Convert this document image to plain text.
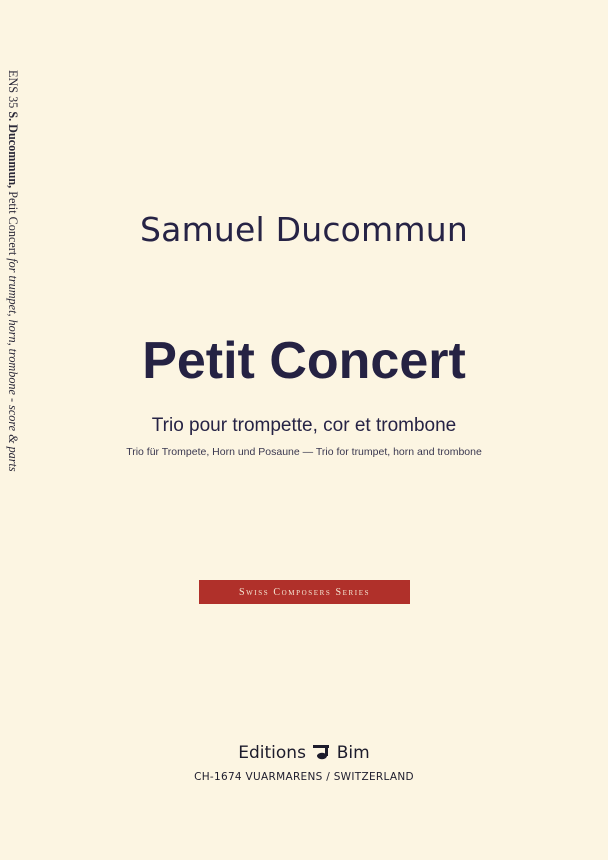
ENS 35 S. Ducommun, Petit Concert for trumpet, horn, trombone - score & parts
Samuel Ducommun
Petit Concert
Trio pour trompette, cor et trombone
Trio für Trompete, Horn und Posaune — Trio for trumpet, horn and trombone
Swiss Composers Series
Editions Bim
CH-1674 VUARMARENS / SWITZERLAND
